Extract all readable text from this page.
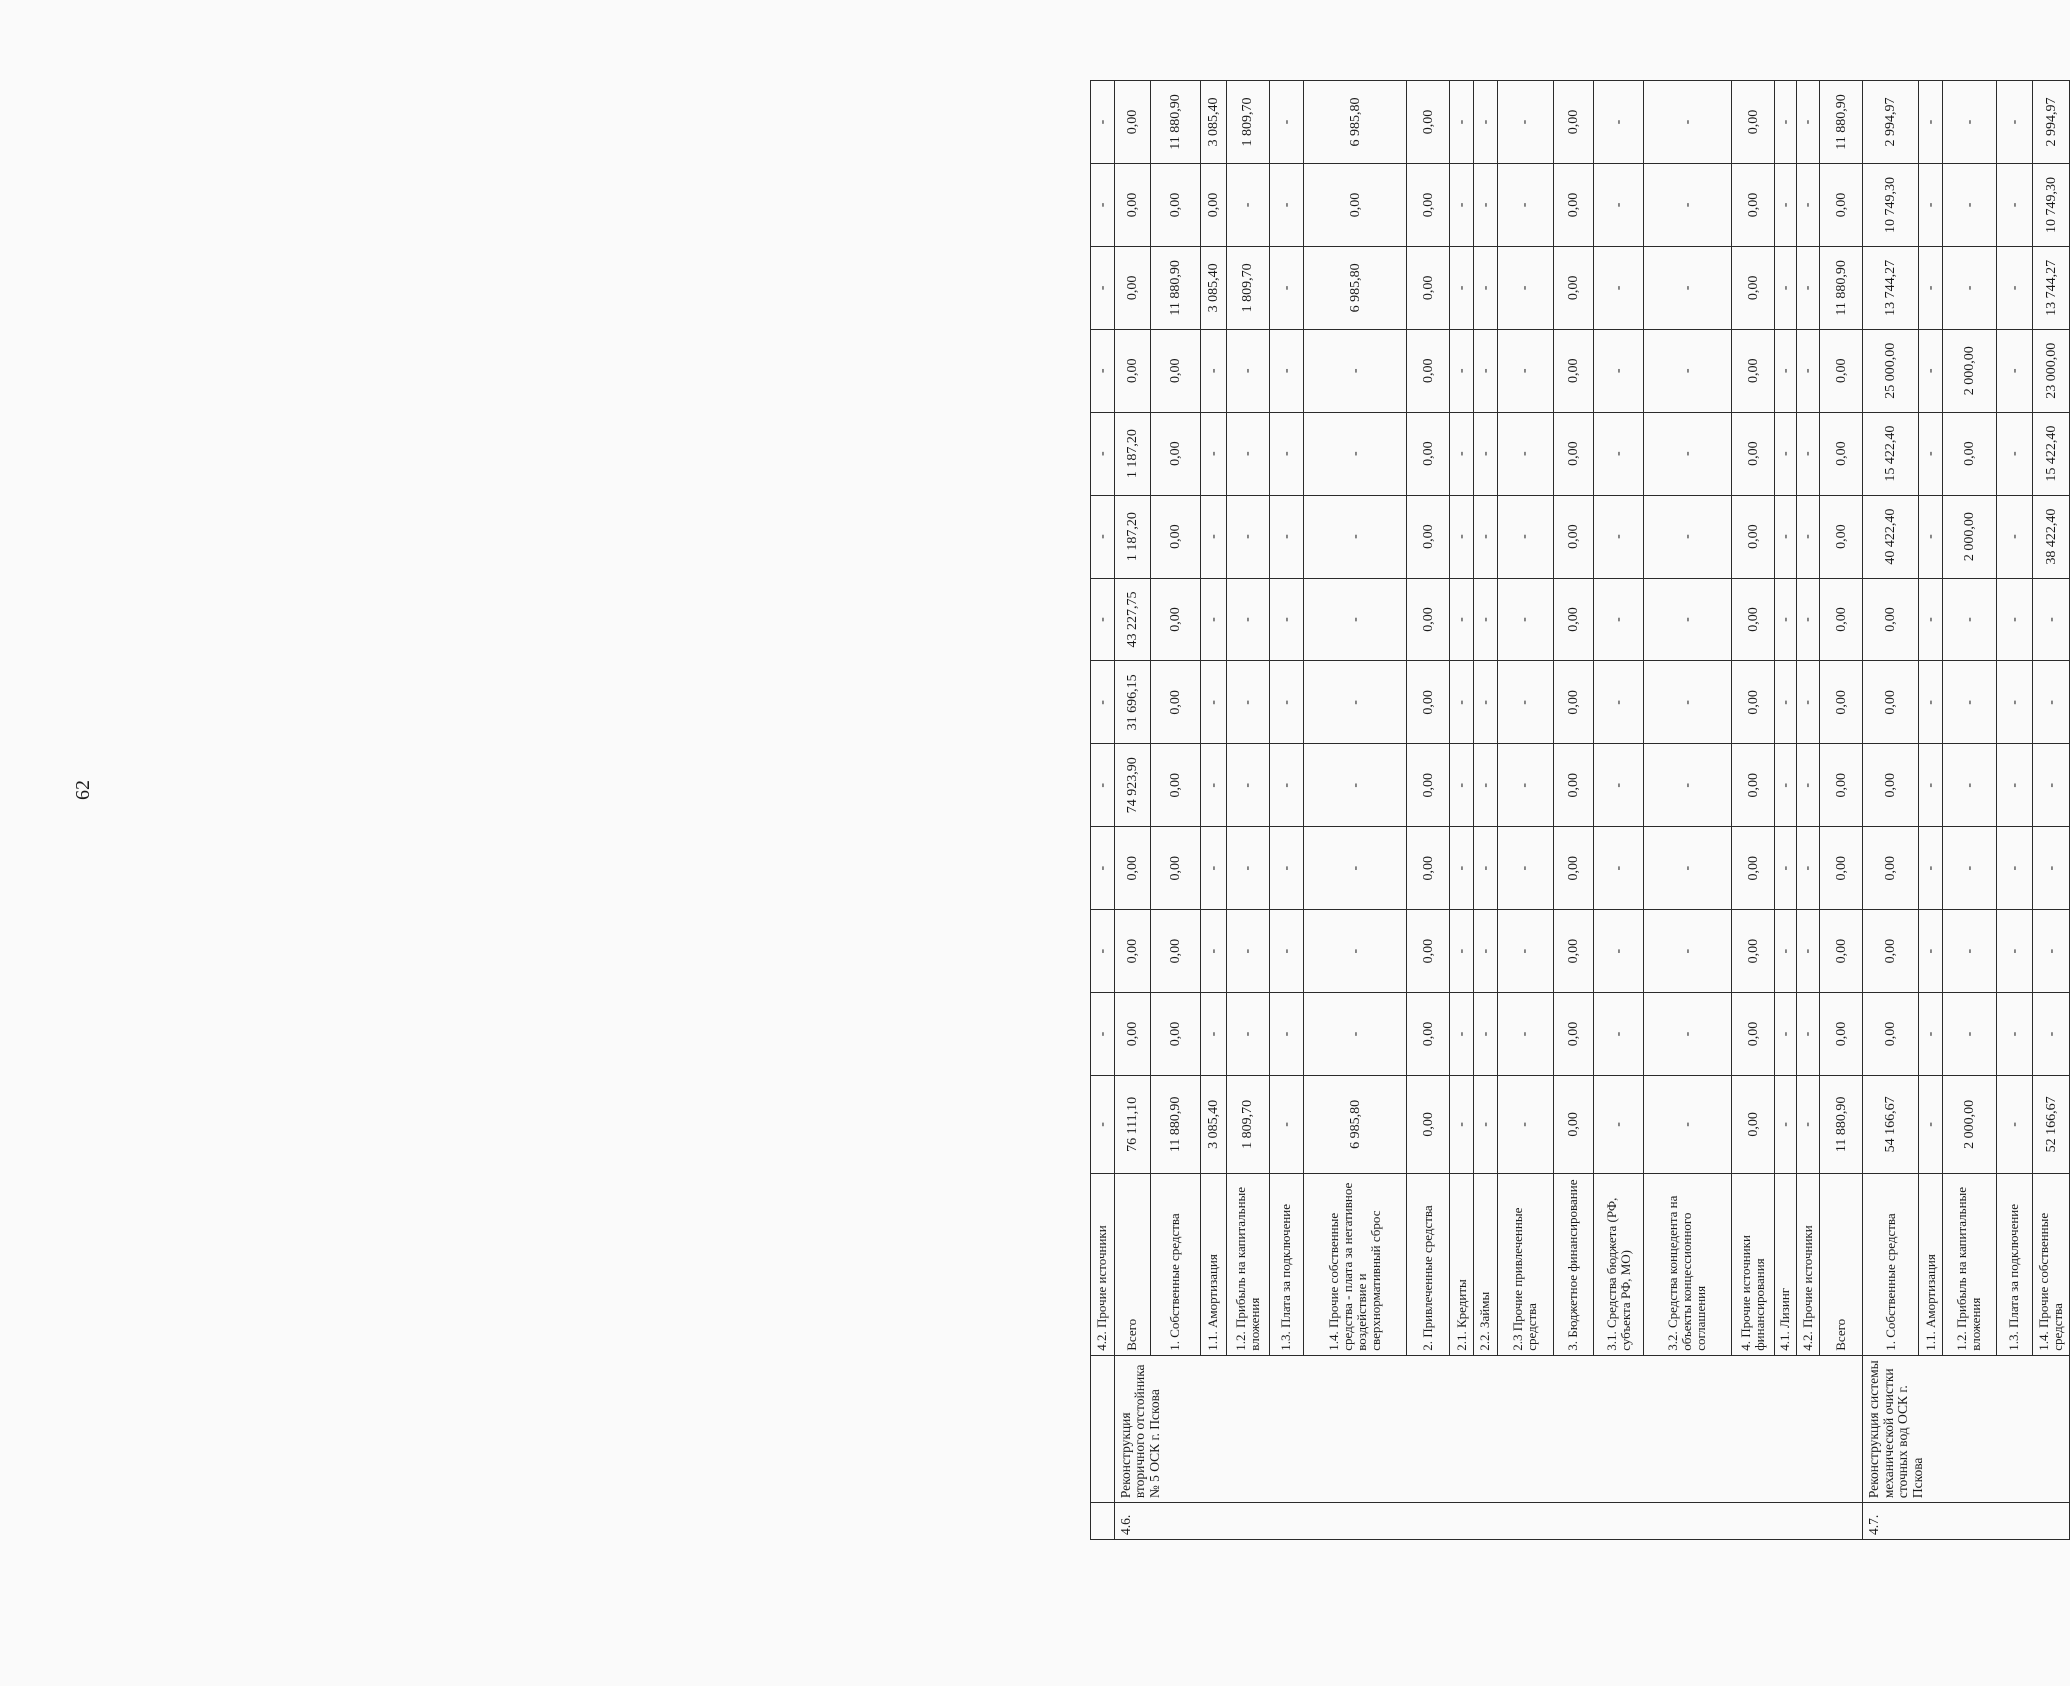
62
		4.2. Прочие источники	-	-	-	-	-	-	-	-	-	-	-	-	-
4.6.	Реконструкция вторичного отстойника № 5 ОСК г. Пскова	Всего	76 111,10	0,00	0,00	0,00	74 923,90	31 696,15	43 227,75	1 187,20	1 187,20	0,00	0,00	0,00	0,00
		1. Собственные средства	11 880,90	0,00	0,00	0,00	0,00	0,00	0,00	0,00	0,00	0,00	11 880,90	0,00	11 880,90
		1.1. Амортизация	3 085,40	-	-	-	-	-	-	-	-	-	3 085,40	0,00	3 085,40
		1.2. Прибыль на капитальные вложения	1 809,70	-	-	-	-	-	-	-	-	-	1 809,70	-	1 809,70
		1.3. Плата за подключение	-	-	-	-	-	-	-	-	-	-	-	-	-
		1.4. Прочие собственные средства - плата за негативное воздействие и сверхнормативный сброс	6 985,80	-	-	-	-	-	-	-	-	-	6 985,80	0,00	6 985,80
		2. Привлеченные средства	0,00	0,00	0,00	0,00	0,00	0,00	0,00	0,00	0,00	0,00	0,00	0,00	0,00
		2.1. Кредиты	-	-	-	-	-	-	-	-	-	-	-	-	-
		2.2. Займы	-	-	-	-	-	-	-	-	-	-	-	-	-
		2.3 Прочие привлеченные средства	-	-	-	-	-	-	-	-	-	-	-	-	-
		3. Бюджетное финансирование	0,00	0,00	0,00	0,00	0,00	0,00	0,00	0,00	0,00	0,00	0,00	0,00	0,00
		3.1. Средства бюджета (РФ, субъекта РФ, МО)	-	-	-	-	-	-	-	-	-	-	-	-	-
		3.2. Средства концедента на объекты концессионного соглашения	-	-	-	-	-	-	-	-	-	-	-	-	-
		4. Прочие источники финансирования	0,00	0,00	0,00	0,00	0,00	0,00	0,00	0,00	0,00	0,00	0,00	0,00	0,00
		4.1. Лизинг	-	-	-	-	-	-	-	-	-	-	-	-	-
		4.2. Прочие источники	-	-	-	-	-	-	-	-	-	-	-	-	-
		Всего	11 880,90	0,00	0,00	0,00	0,00	0,00	0,00	0,00	0,00	0,00	11 880,90	0,00	11 880,90
4.7.	Реконструкция системы механической очистки сточных вод ОСК г. Пскова	1. Собственные средства	54 166,67	0,00	0,00	0,00	0,00	0,00	0,00	40 422,40	15 422,40	25 000,00	13 744,27	10 749,30	2 994,97
		1.1. Амортизация	-	-	-	-	-	-	-	-	-	-	-	-	-
		1.2. Прибыль на капитальные вложения	2 000,00	-	-	-	-	-	-	2 000,00	0,00	2 000,00	-	-	-
		1.3. Плата за подключение	-	-	-	-	-	-	-	-	-	-	-	-	-
		1.4. Прочие собственные средства	52 166,67	-	-	-	-	-	-	38 422,40	15 422,40	23 000,00	13 744,27	10 749,30	2 994,97
